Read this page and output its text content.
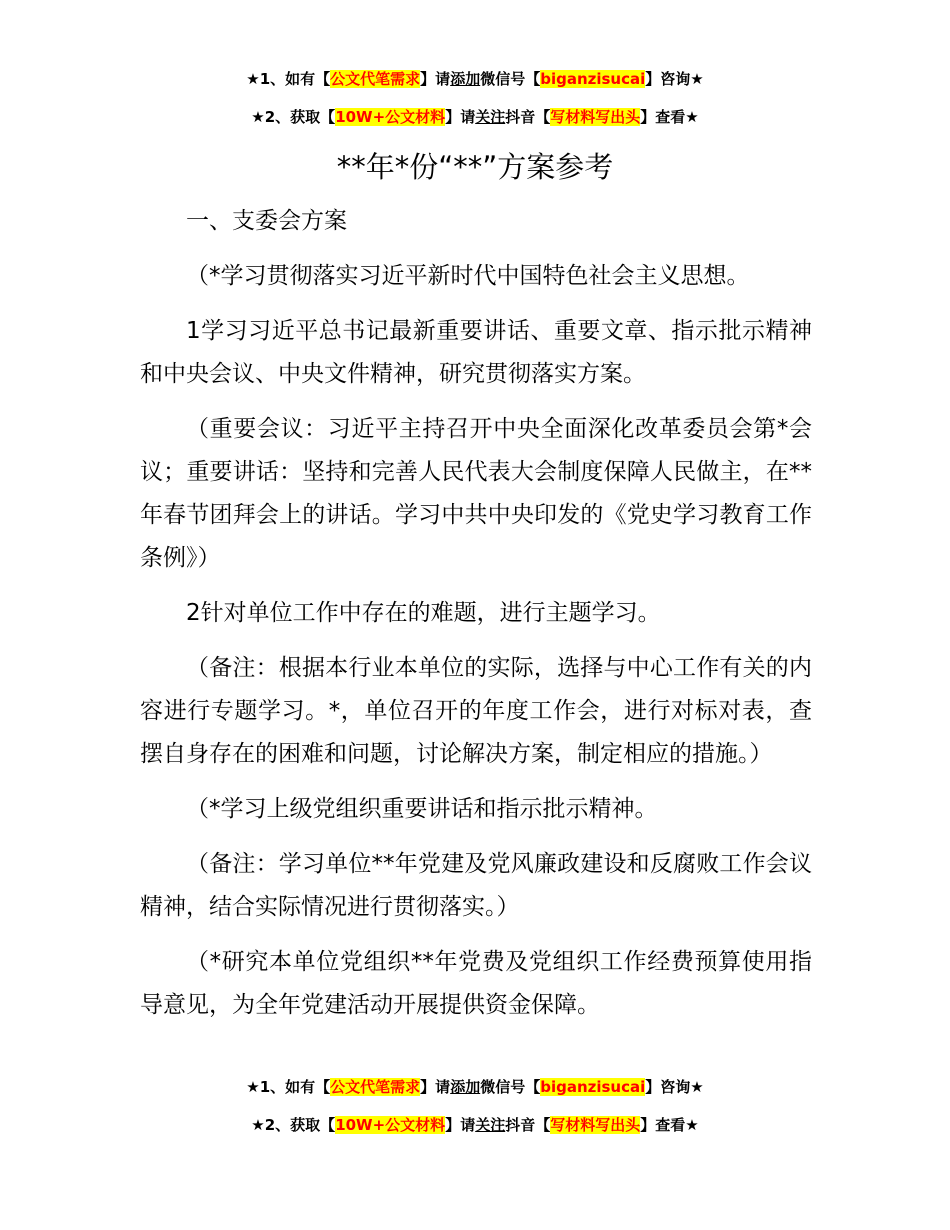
★1、如有【公文代笔需求】请添加微信号【biganzisucai】咨询★
★2、获取【10W+公文材料】请关注抖音【写材料写出头】查看★
**年*份“**”方案参考

一、支委会方案

（*学习贯彻落实习近平新时代中国特色社会主义思想。

1学习习近平总书记最新重要讲话、重要文章、指示批示精神和中央会议、中央文件精神，研究贯彻落实方案。

（重要会议：习近平主持召开中央全面深化改革委员会第*会议；重要讲话：坚持和完善人民代表大会制度保障人民做主，在**年春节团拜会上的讲话。学习中共中央印发的《党史学习教育工作条例》）

2针对单位工作中存在的难题，进行主题学习。

（备注：根据本行业本单位的实际，选择与中心工作有关的内容进行专题学习。*，单位召开的年度工作会，进行对标对表，查摆自身存在的困难和问题，讨论解决方案，制定相应的措施。）

（*学习上级党组织重要讲话和指示批示精神。

（备注：学习单位**年党建及党风廉政建设和反腐败工作会议精神，结合实际情况进行贯彻落实。）

（*研究本单位党组织**年党费及党组织工作经费预算使用指导意见，为全年党建活动开展提供资金保障。

★1、如有【公文代笔需求】请添加微信号【biganzisucai】咨询★
★2、获取【10W+公文材料】请关注抖音【写材料写出头】查看★
